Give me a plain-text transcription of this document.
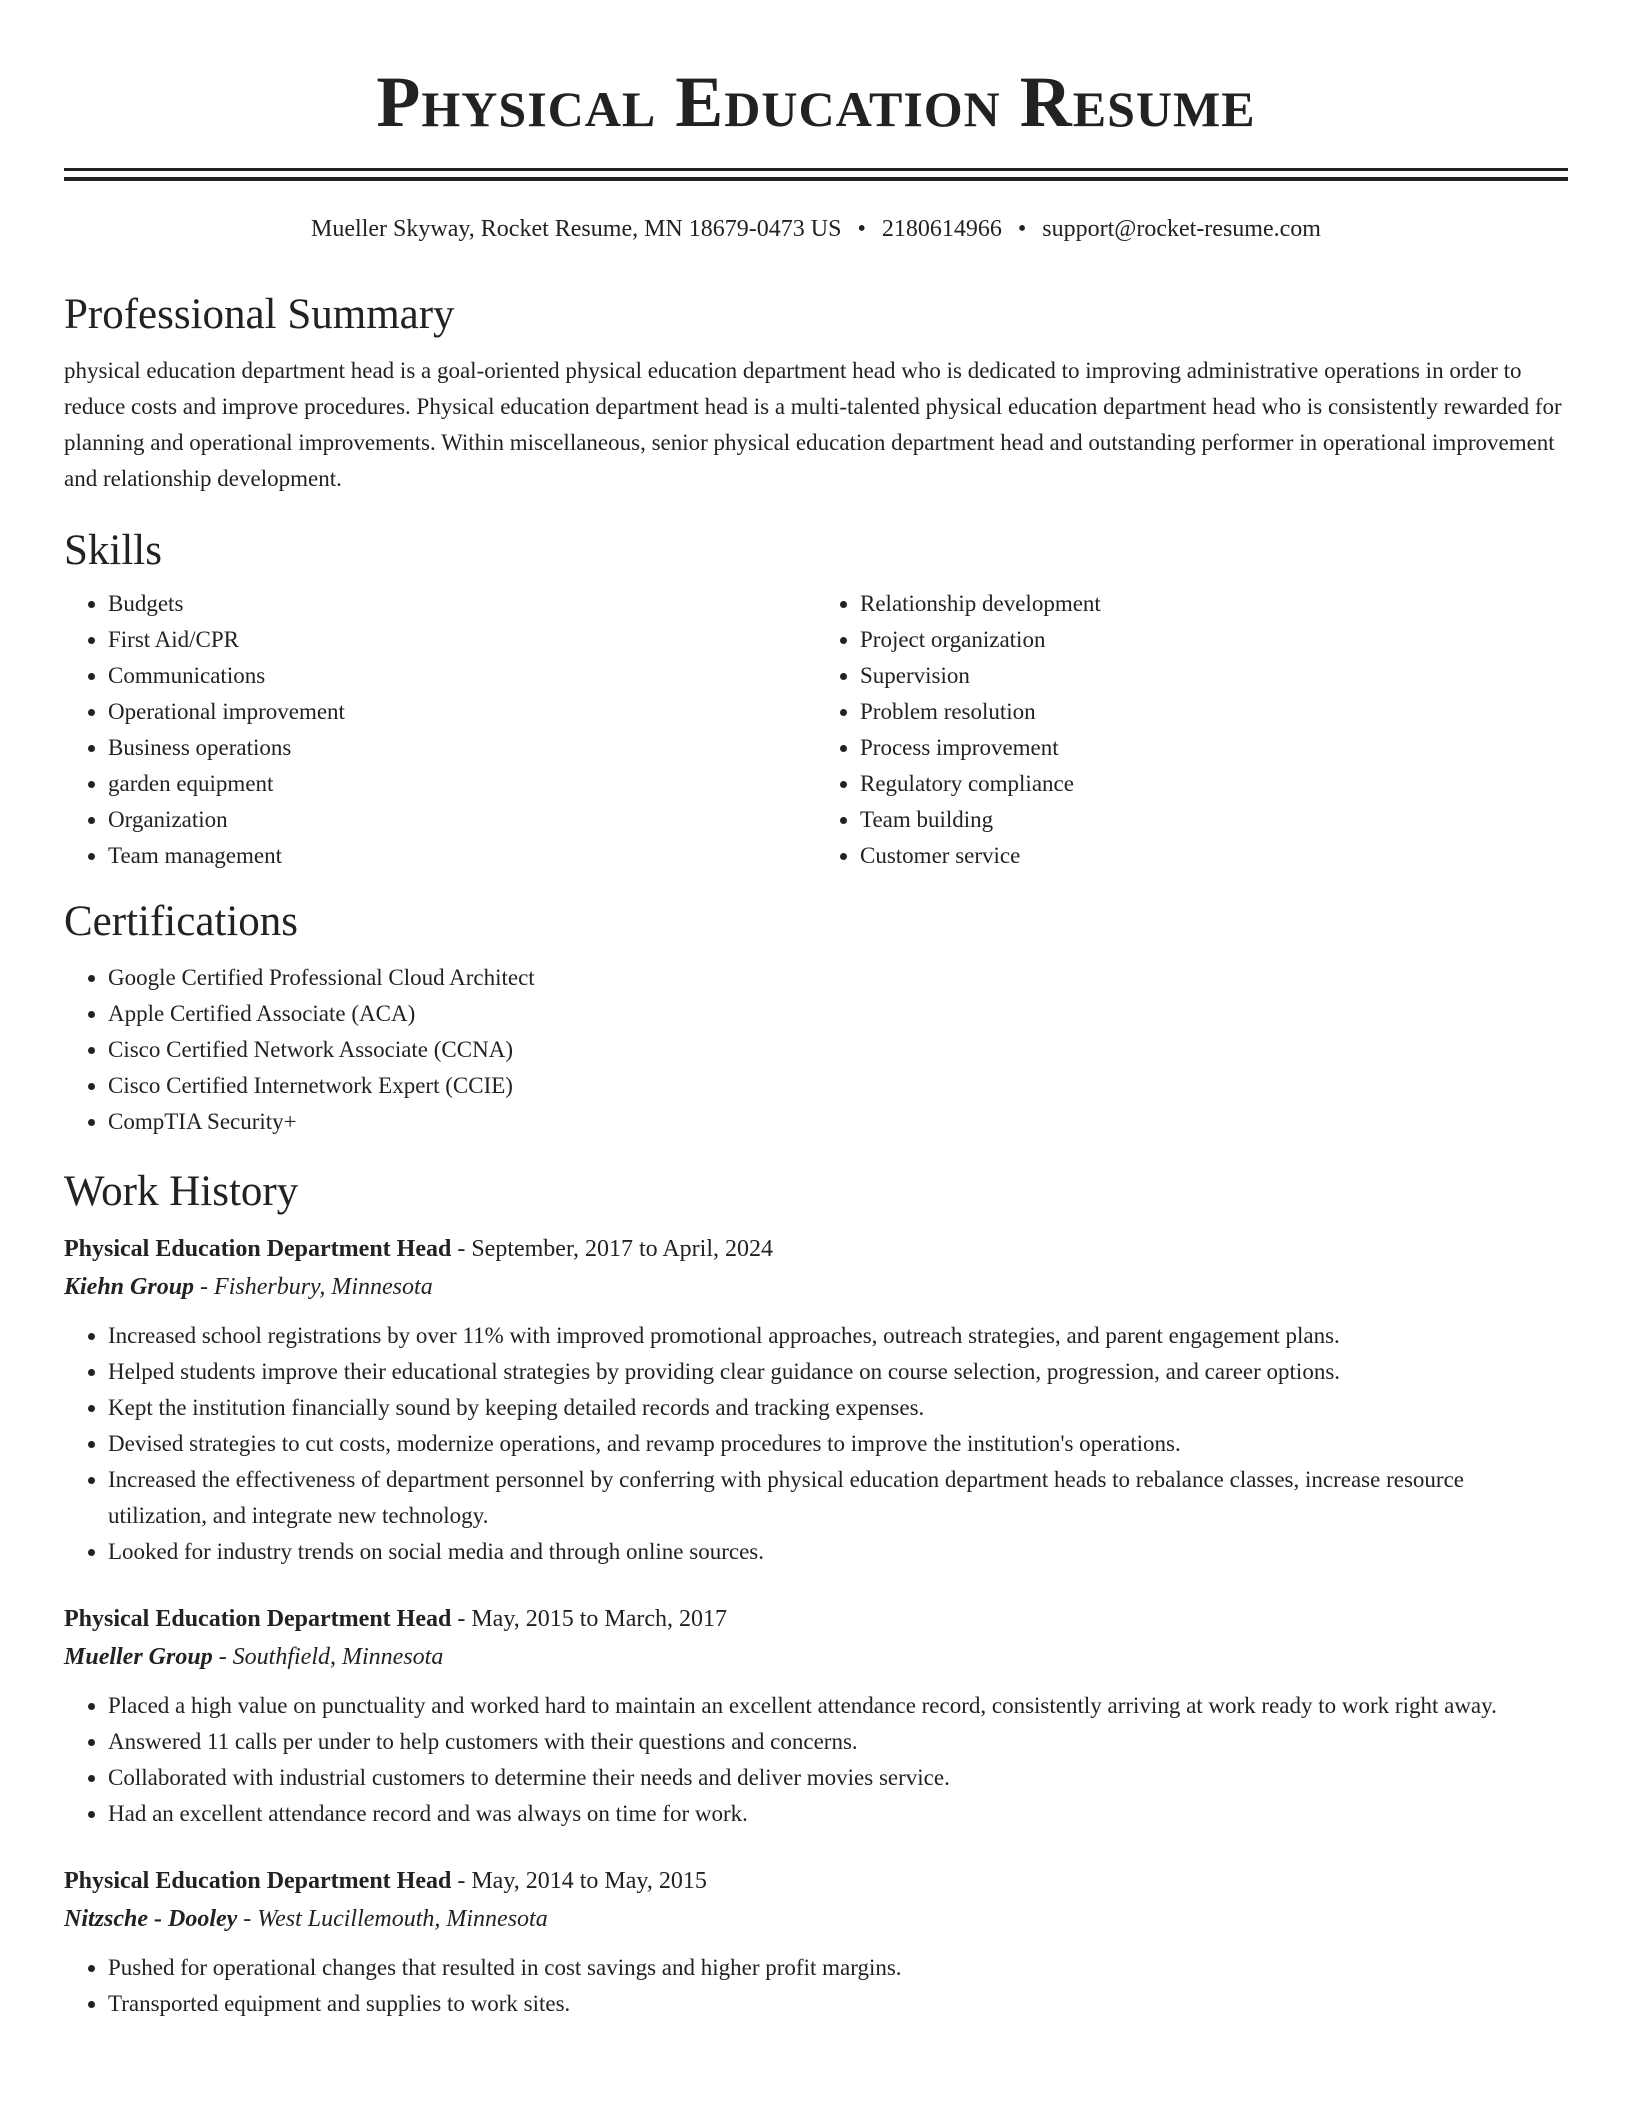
Physical Education Resume
Mueller Skyway, Rocket Resume, MN 18679-0473 US • 2180614966 • support@rocket-resume.com
Professional Summary

physical education department head is a goal-oriented physical education department head who is dedicated to improving administrative operations in order to reduce costs and improve procedures. Physical education department head is a multi-talented physical education department head who is consistently rewarded for planning and operational improvements. Within miscellaneous, senior physical education department head and outstanding performer in operational improvement and relationship development.

Skills
• Budgets
• First Aid/CPR
• Communications
• Operational improvement
• Business operations
• garden equipment
• Organization
• Team management
• Relationship development
• Project organization
• Supervision
• Problem resolution
• Process improvement
• Regulatory compliance
• Team building
• Customer service
Certifications
• Google Certified Professional Cloud Architect
• Apple Certified Associate (ACA)
• Cisco Certified Network Associate (CCNA)
• Cisco Certified Internetwork Expert (CCIE)
• CompTIA Security+
Work History
Physical Education Department Head - September, 2017 to April, 2024
Kiehn Group - Fisherbury, Minnesota
• Increased school registrations by over 11% with improved promotional approaches, outreach strategies, and parent engagement plans.
• Helped students improve their educational strategies by providing clear guidance on course selection, progression, and career options.
• Kept the institution financially sound by keeping detailed records and tracking expenses.
• Devised strategies to cut costs, modernize operations, and revamp procedures to improve the institution's operations.
• Increased the effectiveness of department personnel by conferring with physical education department heads to rebalance classes, increase resource utilization, and integrate new technology.
• Looked for industry trends on social media and through online sources.
Physical Education Department Head - May, 2015 to March, 2017
Mueller Group - Southfield, Minnesota
• Placed a high value on punctuality and worked hard to maintain an excellent attendance record, consistently arriving at work ready to work right away.
• Answered 11 calls per under to help customers with their questions and concerns.
• Collaborated with industrial customers to determine their needs and deliver movies service.
• Had an excellent attendance record and was always on time for work.
Physical Education Department Head - May, 2014 to May, 2015
Nitzsche - Dooley - West Lucillemouth, Minnesota
• Pushed for operational changes that resulted in cost savings and higher profit margins.
• Transported equipment and supplies to work sites.
